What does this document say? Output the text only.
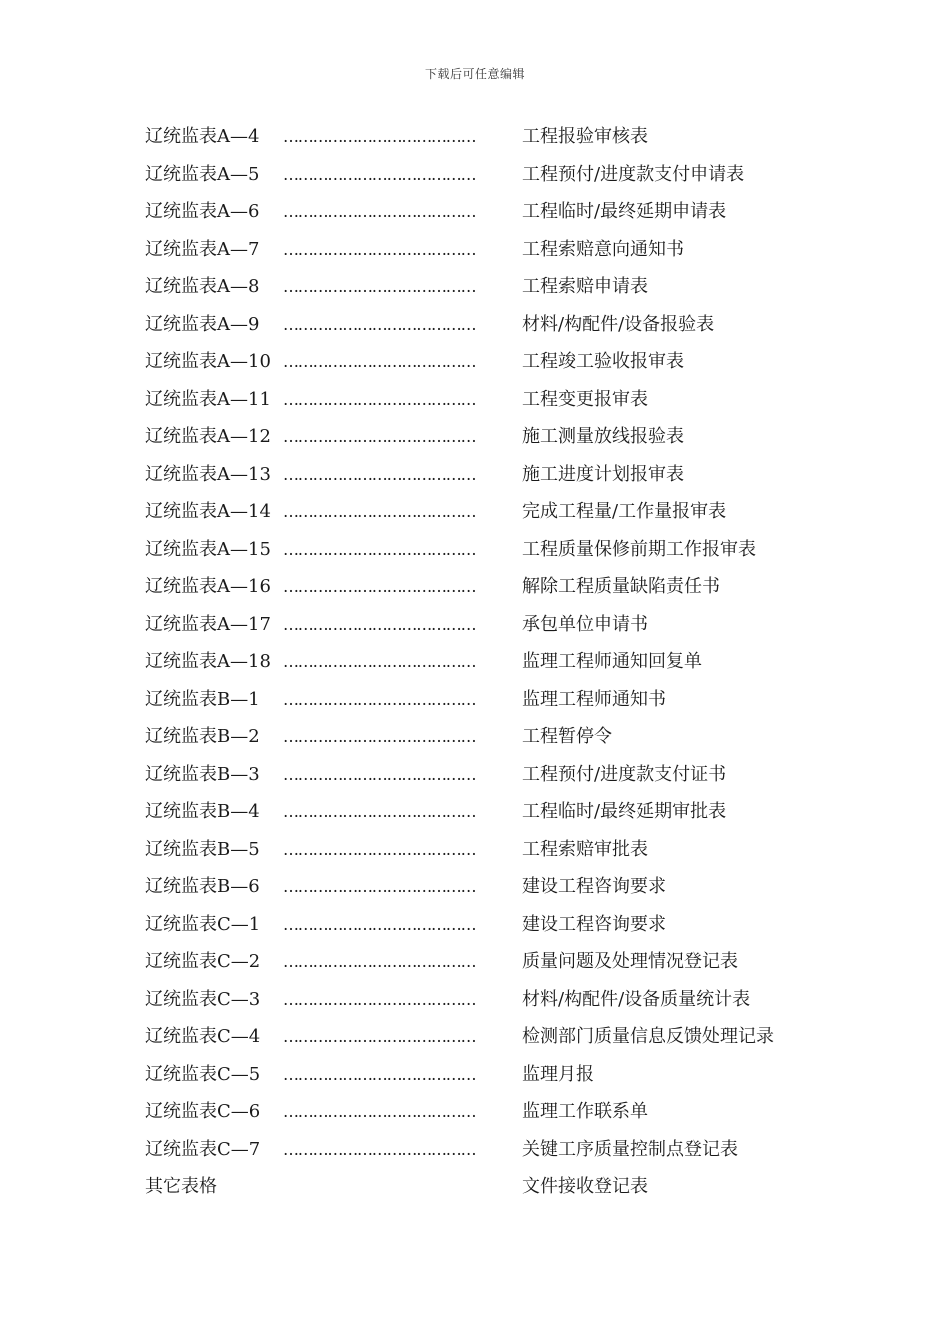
下载后可任意编辑
辽统监表A—4 …………………………………	工程报验审核表
辽统监表A—5 …………………………………	工程预付/进度款支付申请表
辽统监表A—6 …………………………………	工程临时/最终延期申请表
辽统监表A—7 …………………………………	工程索赔意向通知书
辽统监表A—8 …………………………………	工程索赔申请表
辽统监表A—9 …………………………………	材料/构配件/设备报验表
辽统监表A—10 …………………………………	工程竣工验收报审表
辽统监表A—11 …………………………………	工程变更报审表
辽统监表A—12 …………………………………	施工测量放线报验表
辽统监表A—13 …………………………………	施工进度计划报审表
辽统监表A—14 …………………………………	完成工程量/工作量报审表
辽统监表A—15 …………………………………	工程质量保修前期工作报审表
辽统监表A—16 …………………………………	解除工程质量缺陷责任书
辽统监表A—17 …………………………………	承包单位申请书
辽统监表A—18 …………………………………	监理工程师通知回复单
辽统监表B—1 …………………………………	监理工程师通知书
辽统监表B—2 …………………………………	工程暂停令
辽统监表B—3 …………………………………	工程预付/进度款支付证书
辽统监表B—4 …………………………………	工程临时/最终延期审批表
辽统监表B—5 …………………………………	工程索赔审批表
辽统监表B—6 …………………………………	建设工程咨询要求
辽统监表C—1 …………………………………	建设工程咨询要求
辽统监表C—2 …………………………………	质量问题及处理情况登记表
辽统监表C—3 …………………………………	材料/构配件/设备质量统计表
辽统监表C—4 …………………………………	检测部门质量信息反馈处理记录
辽统监表C—5 …………………………………	监理月报
辽统监表C—6 …………………………………	监理工作联系单
辽统监表C—7 …………………………………	关键工序质量控制点登记表
其它表格	文件接收登记表
